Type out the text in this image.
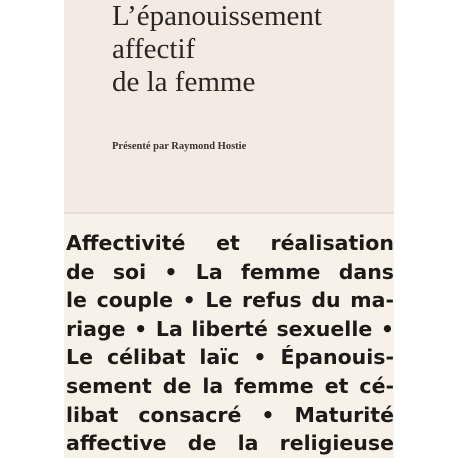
L’épanouissement
affectif
de la femme

Présenté par Raymond Hostie

Affectivité et réalisation
de soi • La femme dans
le couple • Le refus du ma-
riage • La liberté sexuelle •
Le célibat laïc • Épanouis-
sement de la femme et cé-
libat consacré • Maturité
affective de la religieuse
